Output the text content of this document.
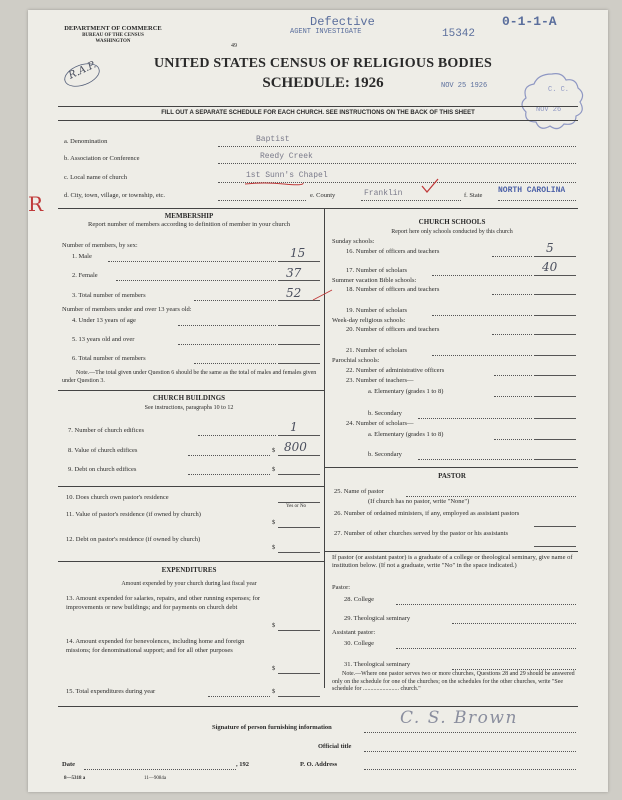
DEPARTMENT OF COMMERCE
BUREAU OF THE CENSUS
WASHINGTON
49
Defective
AGENT INVESTIGATE	15342
0-1-1-A
R.A.P.	UNITED STATES CENSUS OF RELIGIOUS BODIES
SCHEDULE: 1926	NOV 25 1926	C. C.
NOV 26
FILL OUT A SEPARATE SCHEDULE FOR EACH CHURCH. SEE INSTRUCTIONS ON THE BACK OF THIS SHEET
a. Denomination	Baptist
b. Association or Conference	Reedy Creek
R
c. Local name of church	1st Sunn's Chapel
d. City, town, village, or township, etc.	e. County	Franklin	f. State
NORTH CAROLINA
MEMBERSHIP
Report number of members according to definition of member in your church
Number of members, by sex:
1. Male	15
2. Female	37
3. Total number of members	52
Number of members under and over 13 years old:
4. Under 13 years of age
5. 13 years old and over
6. Total number of members
Note.—The total given under Question 6 should be the same as the total of males and females given under Question 3.
CHURCH BUILDINGS
See instructions, paragraphs 10 to 12
7. Number of church edifices	1
8. Value of church edifices	$ 800
9. Debt on church edifices	$
10. Does church own pastor's residence
Yes or No
11. Value of pastor's residence (if owned by church)
$
12. Debt on pastor's residence (if owned by church)
$
EXPENDITURES
Amount expended by your church during last fiscal year
13. Amount expended for salaries, repairs, and other running expenses; for improvements or new buildings; and for payments on church debt
$
14. Amount expended for benevolences, including home and foreign missions; for denominational support; and for all other purposes
$
15. Total expenditures during year	$
CHURCH SCHOOLS
Report here only schools conducted by this church
Sunday schools:
16. Number of officers and teachers	5
17. Number of scholars	40
Summer vacation Bible schools:
18. Number of officers and teachers
19. Number of scholars
Week-day religious schools:
20. Number of officers and teachers
21. Number of scholars
Parochial schools:
22. Number of administrative officers
23. Number of teachers—
a. Elementary (grades 1 to 8)
b. Secondary
24. Number of scholars—
a. Elementary (grades 1 to 8)
b. Secondary
PASTOR
25. Name of pastor
(If church has no pastor, write "None")
26. Number of ordained ministers, if any, employed as assistant pastors
27. Number of other churches served by the pastor or his assistants
If pastor (or assistant pastor) is a graduate of a college or theological seminary, give name of institution below. (If not a graduate, write "No" in the space indicated.)
Pastor:
28. College
29. Theological seminary
Assistant pastor:
30. College
31. Theological seminary
Note.—Where one pastor serves two or more churches, Questions 28 and 29 should be answered only on the schedule for one of the churches; on the schedules for the other churches, write "See schedule for ........................ church."
Signature of person furnishing information	C. S. Brown
Official title
Date	, 192	P. O. Address
8—5318 a	11—9084a
